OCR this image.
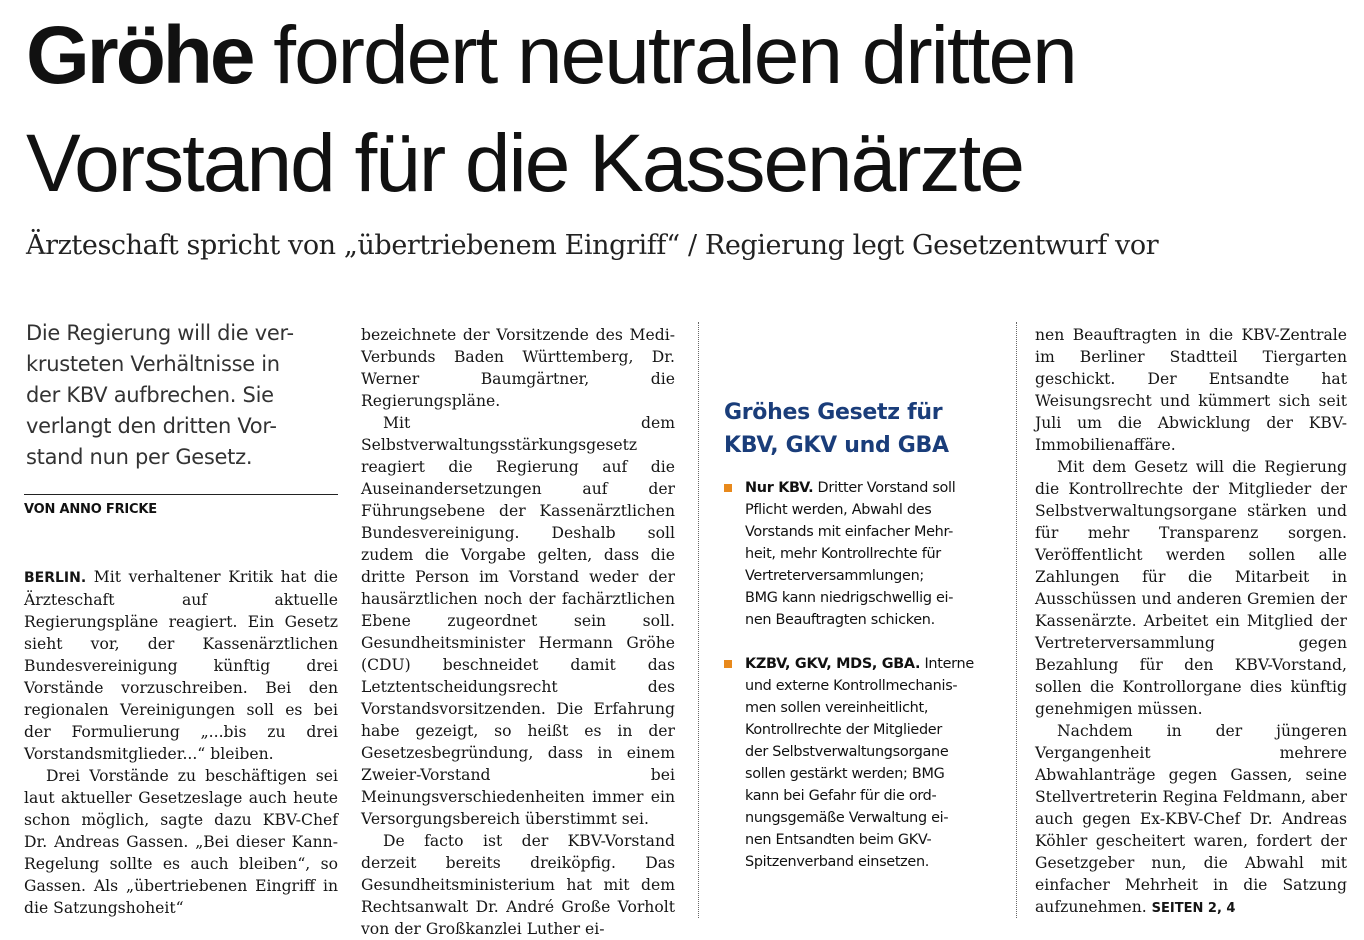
Gröhe fordert neutralen dritten
Vorstand für die Kassenärzte
Ärzteschaft spricht von „übertriebenem Eingriff“ / Regierung legt Gesetzentwurf vor
Die Regierung will die ver-
krusteten Verhältnisse in
der KBV aufbrechen. Sie
verlangt den dritten Vor-
stand nun per Gesetz.
VON ANNO FRICKE

BERLIN. Mit verhaltener Kritik hat die Ärzteschaft auf aktuelle Regierungspläne reagiert. Ein Gesetz sieht vor, der Kassenärztlichen Bundesvereinigung künftig drei Vorstände vorzuschreiben. Bei den regionalen Vereinigungen soll es bei der Formulierung „...bis zu drei Vorstandsmitglieder...“ bleiben.

Drei Vorstände zu beschäftigen sei laut aktueller Gesetzeslage auch heute schon möglich, sagte dazu KBV-Chef Dr. Andreas Gassen. „Bei dieser Kann-Regelung sollte es auch bleiben“, so Gassen. Als „übertriebenen Eingriff in die Satzungshoheit“

bezeichnete der Vorsitzende des Medi-Verbunds Baden Württemberg, Dr. Werner Baumgärtner, die Regierungspläne.

Mit dem Selbstverwaltungsstärkungsgesetz reagiert die Regierung auf die Auseinandersetzungen auf der Führungsebene der Kassenärztlichen Bundesvereinigung. Deshalb soll zudem die Vorgabe gelten, dass die dritte Person im Vorstand weder der hausärztlichen noch der fachärztlichen Ebene zugeordnet sein soll. Gesundheitsminister Hermann Gröhe (CDU) beschneidet damit das Letztentscheidungsrecht des Vorstandsvorsitzenden. Die Erfahrung habe gezeigt, so heißt es in der Gesetzesbegründung, dass in einem Zweier-Vorstand bei Meinungsverschiedenheiten immer ein Versorgungsbereich überstimmt sei.

De facto ist der KBV-Vorstand derzeit bereits dreiköpfig. Das Gesundheitsministerium hat mit dem Rechtsanwalt Dr. André Große Vorholt von der Großkanzlei Luther ei-

Gröhes Gesetz für
KBV, GKV und GBA
Nur KBV. Dritter Vorstand soll
Pflicht werden, Abwahl des
Vorstands mit einfacher Mehr-
heit, mehr Kontrollrechte für
Vertreterversammlungen;
BMG kann niedrigschwellig ei-
nen Beauftragten schicken.
KZBV, GKV, MDS, GBA. Interne
und externe Kontrollmechanis-
men sollen vereinheitlicht,
Kontrollrechte der Mitglieder
der Selbstverwaltungsorgane
sollen gestärkt werden; BMG
kann bei Gefahr für die ord-
nungsgemäße Verwaltung ei-
nen Entsandten beim GKV-
Spitzenverband einsetzen.

nen Beauftragten in die KBV-Zentrale im Berliner Stadtteil Tiergarten geschickt. Der Entsandte hat Weisungsrecht und kümmert sich seit Juli um die Abwicklung der KBV-Immobilienaffäre.

Mit dem Gesetz will die Regierung die Kontrollrechte der Mitglieder der Selbstverwaltungsorgane stärken und für mehr Transparenz sorgen. Veröffentlicht werden sollen alle Zahlungen für die Mitarbeit in Ausschüssen und anderen Gremien der Kassenärzte. Arbeitet ein Mitglied der Vertreterversammlung gegen Bezahlung für den KBV-Vorstand, sollen die Kontrollorgane dies künftig genehmigen müssen.

Nachdem in der jüngeren Vergangenheit mehrere Abwahlanträge gegen Gassen, seine Stellvertreterin Regina Feldmann, aber auch gegen Ex-KBV-Chef Dr. Andreas Köhler gescheitert waren, fordert der Gesetzgeber nun, die Abwahl mit einfacher Mehrheit in die Satzung aufzunehmen. SEITEN 2, 4
